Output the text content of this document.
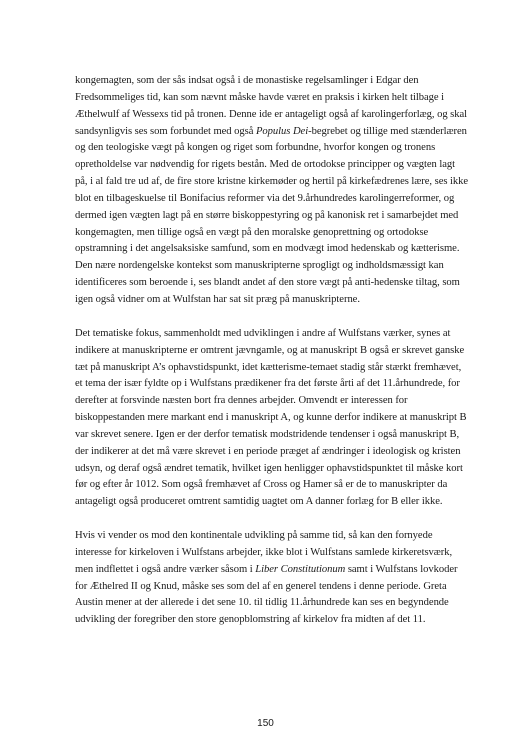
kongemagten, som der sås indsat også i de monastiske regelsamlinger i Edgar den
Fredsommeliges tid, kan som nævnt måske havde været en praksis i kirken helt tilbage i
Æthelwulf af Wessexs tid på tronen. Denne ide er antageligt også af karolingerforlæg, og skal
sandsynligvis ses som forbundet med også Populus Dei-begrebet og tillige med stænderlæren
og den teologiske vægt på kongen og riget som forbundne, hvorfor kongen og tronens
opretholdelse var nødvendig for rigets bestån. Med de ortodokse principper og vægten lagt
på, i al fald tre ud af, de fire store kristne kirkemøder og hertil på kirkefædrenes lære, ses ikke
blot en tilbageskuelse til Bonifacius reformer via det 9.århundredes karolingerreformer, og
dermed igen vægten lagt på en større biskoppestyring og på kanonisk ret i samarbejdet med
kongemagten, men tillige også en vægt på den moralske genoprettning og ortodokse
opstramning i det angelsaksiske samfund, som en modvægt imod hedenskab og kætterisme.
Den nære nordengelske kontekst som manuskripterne sprogligt og indholdsmæssigt kan
identificeres som beroende i, ses blandt andet af den store vægt på anti-hedenske tiltag, som
igen også vidner om at Wulfstan har sat sit præg på manuskripterne.
Det tematiske fokus, sammenholdt med udviklingen i andre af Wulfstans værker, synes at
indikere at manuskripterne er omtrent jævngamle, og at manuskript B også er skrevet ganske
tæt på manuskript A’s ophavstidspunkt, idet kætterisme-temaet stadig står stærkt fremhævet,
et tema der især fyldte op i Wulfstans prædikener fra det første årti af det 11.århundrede, for
derefter at forsvinde næsten bort fra dennes arbejder. Omvendt er interessen for
biskoppestanden mere markant end i manuskript A, og kunne derfor indikere at manuskript B
var skrevet senere. Igen er der derfor tematisk modstridende tendenser i også manuskript B,
der indikerer at det må være skrevet i en periode præget af ændringer i ideologisk og kristen
udsyn, og deraf også ændret tematik, hvilket igen henligger ophavstidspunktet til måske kort
før og efter år 1012. Som også fremhævet af Cross og Hamer så er de to manuskripter da
antageligt også produceret omtrent samtidig uagtet om A danner forlæg for B eller ikke.
Hvis vi vender os mod den kontinentale udvikling på samme tid, så kan den fornyede
interesse for kirkeloven i Wulfstans arbejder, ikke blot i Wulfstans samlede kirkeretsværk,
men indflettet i også andre værker såsom i Liber Constitutionum samt i Wulfstans lovkoder
for Æthelred II og Knud, måske ses som del af en generel tendens i denne periode. Greta
Austin mener at der allerede i det sene 10. til tidlig 11.århundrede kan ses en begyndende
udvikling der foregriber den store genopblomstring af kirkelov fra midten af det 11.
150
